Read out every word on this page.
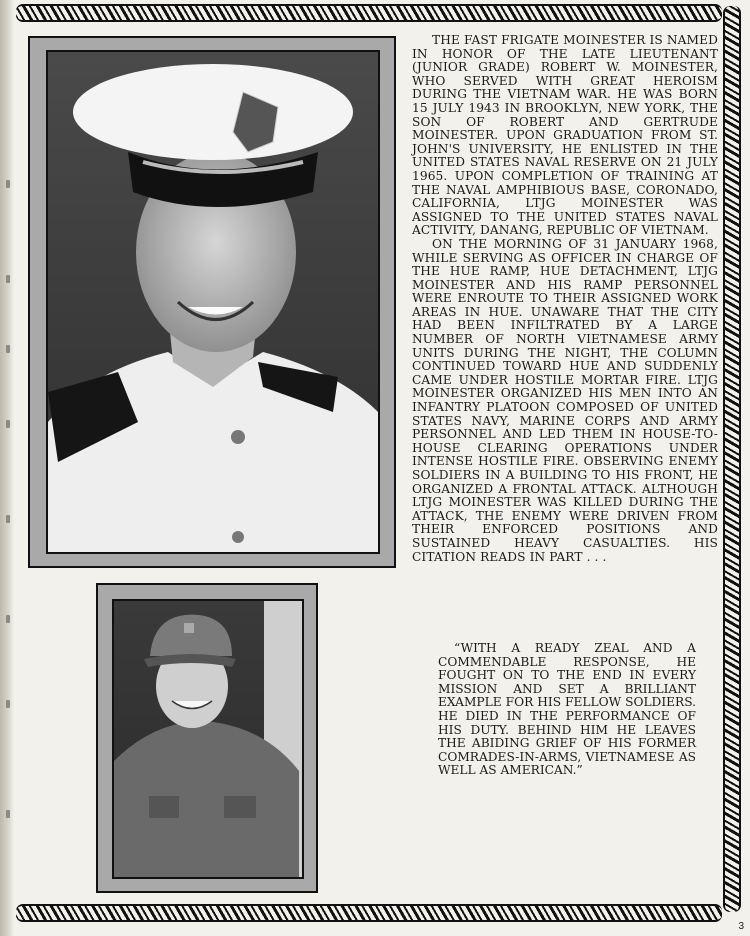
THE FAST FRIGATE MOINESTER IS NAMED IN HONOR OF THE LATE LIEUTENANT (JUNIOR GRADE) ROBERT W. MOINESTER, WHO SERVED WITH GREAT HEROISM DURING THE VIETNAM WAR. HE WAS BORN 15 JULY 1943 IN BROOKLYN, NEW YORK, THE SON OF ROBERT AND GERTRUDE MOINESTER. UPON GRADUATION FROM ST. JOHN'S UNIVERSITY, HE ENLISTED IN THE UNITED STATES NAVAL RESERVE ON 21 JULY 1965. UPON COMPLETION OF TRAINING AT THE NAVAL AMPHIBIOUS BASE, CORONADO, CALIFORNIA, LTJG MOINESTER WAS ASSIGNED TO THE UNITED STATES NAVAL ACTIVITY, DANANG, REPUBLIC OF VIETNAM.

ON THE MORNING OF 31 JANUARY 1968, WHILE SERVING AS OFFICER IN CHARGE OF THE HUE RAMP, HUE DETACHMENT, LTJG MOINESTER AND HIS RAMP PERSONNEL WERE ENROUTE TO THEIR ASSIGNED WORK AREAS IN HUE. UNAWARE THAT THE CITY HAD BEEN INFILTRATED BY A LARGE NUMBER OF NORTH VIETNAMESE ARMY UNITS DURING THE NIGHT, THE COLUMN CONTINUED TOWARD HUE AND SUDDENLY CAME UNDER HOSTILE MORTAR FIRE. LTJG MOINESTER ORGANIZED HIS MEN INTO AN INFANTRY PLATOON COMPOSED OF UNITED STATES NAVY, MARINE CORPS AND ARMY PERSONNEL AND LED THEM IN HOUSE-TO-HOUSE CLEARING OPERATIONS UNDER INTENSE HOSTILE FIRE. OBSERVING ENEMY SOLDIERS IN A BUILDING TO HIS FRONT, HE ORGANIZED A FRONTAL ATTACK. ALTHOUGH LTJG MOINESTER WAS KILLED DURING THE ATTACK, THE ENEMY WERE DRIVEN FROM THEIR ENFORCED POSITIONS AND SUSTAINED HEAVY CASUALTIES. HIS CITATION READS IN PART . . .

“WITH A READY ZEAL AND A COMMENDABLE RESPONSE, HE FOUGHT ON TO THE END IN EVERY MISSION AND SET A BRILLIANT EXAMPLE FOR HIS FELLOW SOLDIERS. HE DIED IN THE PERFORMANCE OF HIS DUTY. BEHIND HIM HE LEAVES THE ABIDING GRIEF OF HIS FORMER COMRADES-IN-ARMS, VIETNAMESE AS WELL AS AMERICAN.”

3
